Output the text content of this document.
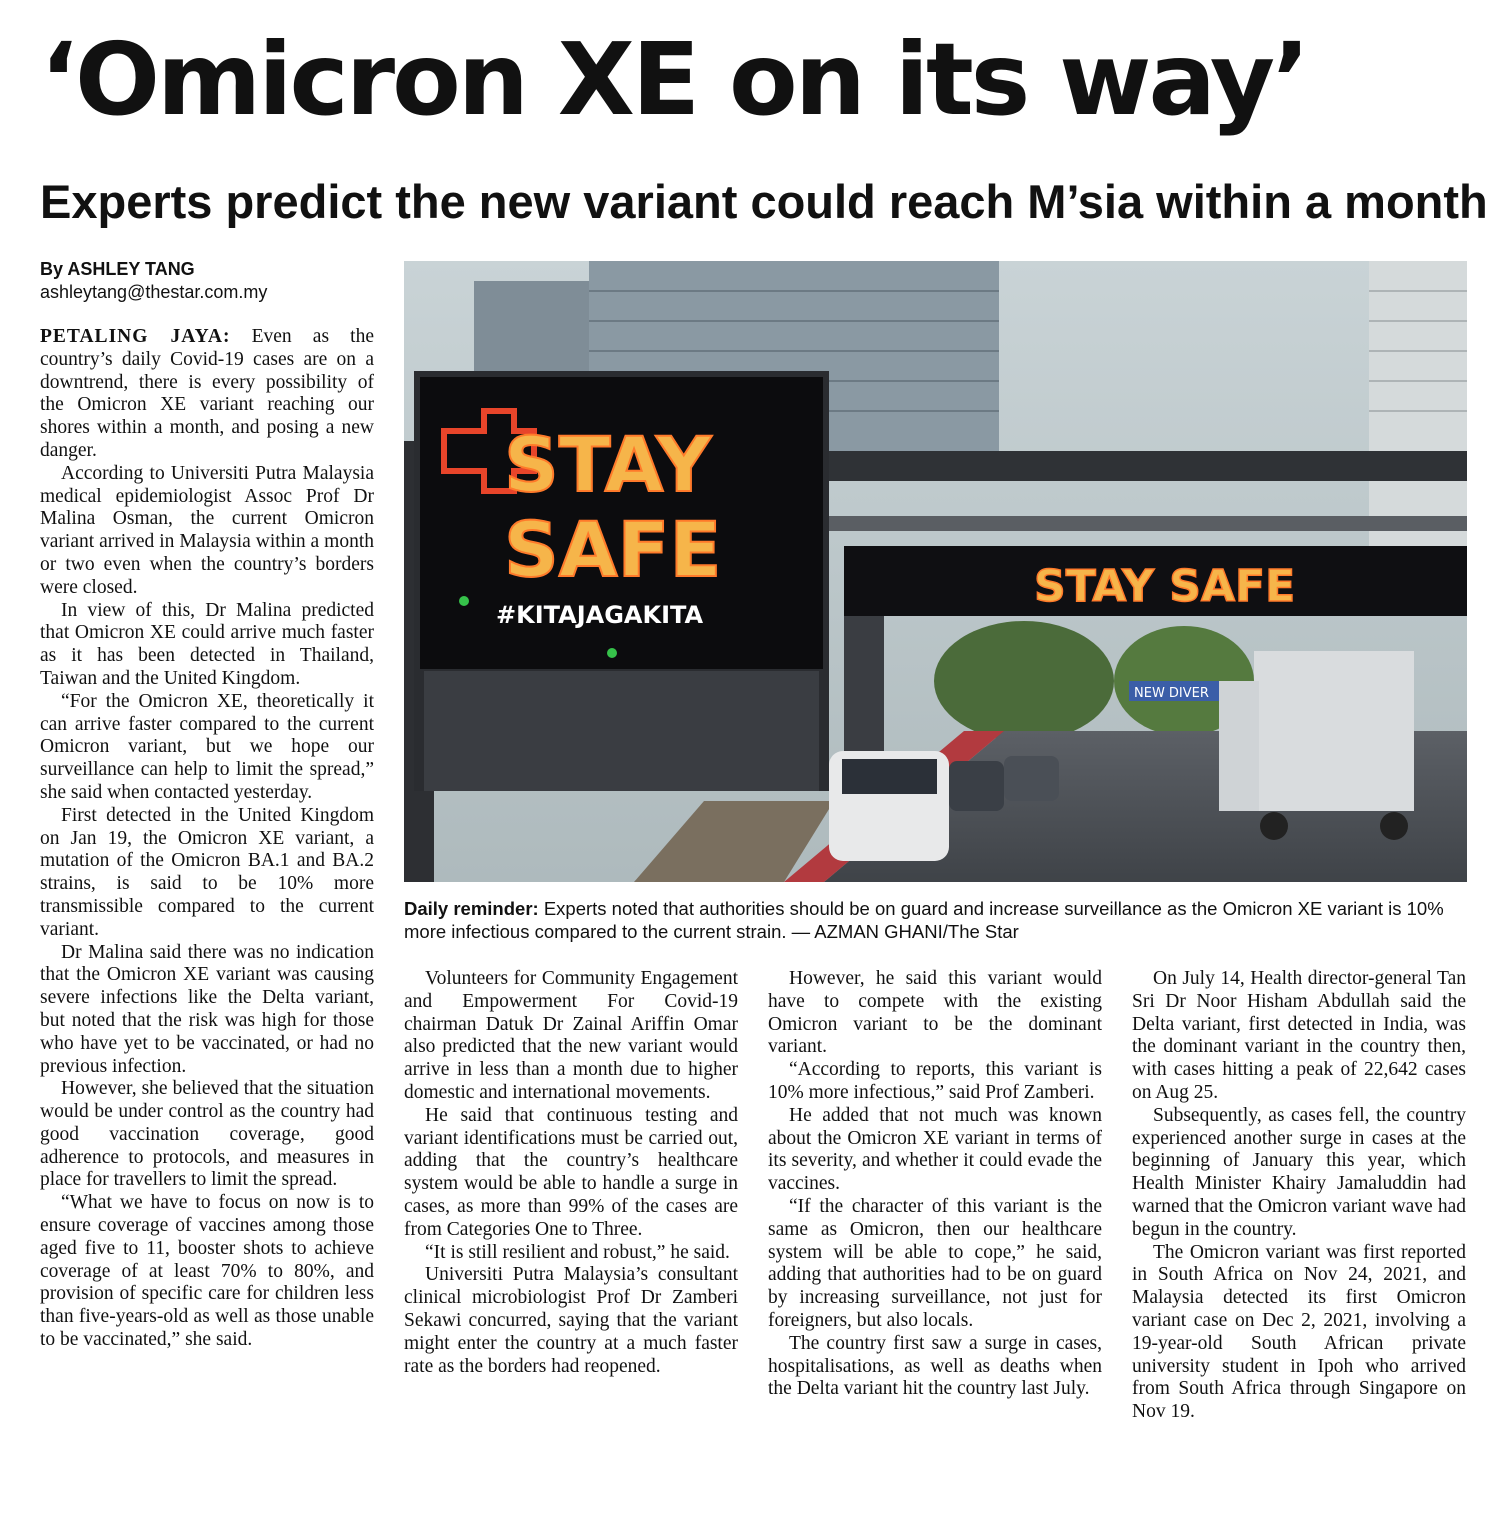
‘Omicron XE on its way’
Experts predict the new variant could reach M’sia within a month
By ASHLEY TANG
ashleytang@thestar.com.my

PETALING JAYA: Even as the country’s daily Covid-19 cases are on a downtrend, there is every possibility of the Omicron XE variant reaching our shores within a month, and posing a new danger.

According to Universiti Putra Malaysia medical epidemiologist Assoc Prof Dr Malina Osman, the current Omicron variant arrived in Malaysia within a month or two even when the country’s borders were closed.

In view of this, Dr Malina predicted that Omicron XE could arrive much faster as it has been detected in Thailand, Taiwan and the United Kingdom.

“For the Omicron XE, theoretically it can arrive faster compared to the current Omicron variant, but we hope our surveillance can help to limit the spread,” she said when contacted yesterday.

First detected in the United Kingdom on Jan 19, the Omicron XE variant, a mutation of the Omicron BA.1 and BA.2 strains, is said to be 10% more transmissible compared to the current variant.

Dr Malina said there was no indication that the Omicron XE variant was causing severe infections like the Delta variant, but noted that the risk was high for those who have yet to be vaccinated, or had no previous infection.

However, she believed that the situation would be under control as the country had good vaccination coverage, good adherence to protocols, and measures in place for travellers to limit the spread.

“What we have to focus on now is to ensure coverage of vaccines among those aged five to 11, booster shots to achieve coverage of at least 70% to 80%, and provision of specific care for children less than five-years-old as well as those unable to be vaccinated,” she said.

STAY
SAFE
#KITAJAGAKITA
STAY SAFE
NEW DIVER
Daily reminder: Experts noted that authorities should be on guard and increase surveillance as the Omicron XE variant is 10% more infectious compared to the current strain. — AZMAN GHANI/The Star

Volunteers for Community Engagement and Empowerment For Covid-19 chairman Datuk Dr Zainal Ariffin Omar also predicted that the new variant would arrive in less than a month due to higher domestic and international movements.

He said that continuous testing and variant identifications must be carried out, adding that the country’s healthcare system would be able to handle a surge in cases, as more than 99% of the cases are from Categories One to Three.

“It is still resilient and robust,” he said.

Universiti Putra Malaysia’s consultant clinical microbiologist Prof Dr Zamberi Sekawi concurred, saying that the variant might enter the country at a much faster rate as the borders had reopened.

However, he said this variant would have to compete with the existing Omicron variant to be the dominant variant.

“According to reports, this variant is 10% more infectious,” said Prof Zamberi.

He added that not much was known about the Omicron XE variant in terms of its severity, and whether it could evade the vaccines.

“If the character of this variant is the same as Omicron, then our healthcare system will be able to cope,” he said, adding that authorities had to be on guard by increasing surveillance, not just for foreigners, but also locals.

The country first saw a surge in cases, hospitalisations, as well as deaths when the Delta variant hit the country last July.

On July 14, Health director-general Tan Sri Dr Noor Hisham Abdullah said the Delta variant, first detected in India, was the dominant variant in the country then, with cases hitting a peak of 22,642 cases on Aug 25.

Subsequently, as cases fell, the country experienced another surge in cases at the beginning of January this year, which Health Minister Khairy Jamaluddin had warned that the Omicron variant wave had begun in the country.

The Omicron variant was first reported in South Africa on Nov 24, 2021, and Malaysia detected its first Omicron variant case on Dec 2, 2021, involving a 19-year-old South African private university student in Ipoh who arrived from South Africa through Singapore on Nov 19.
